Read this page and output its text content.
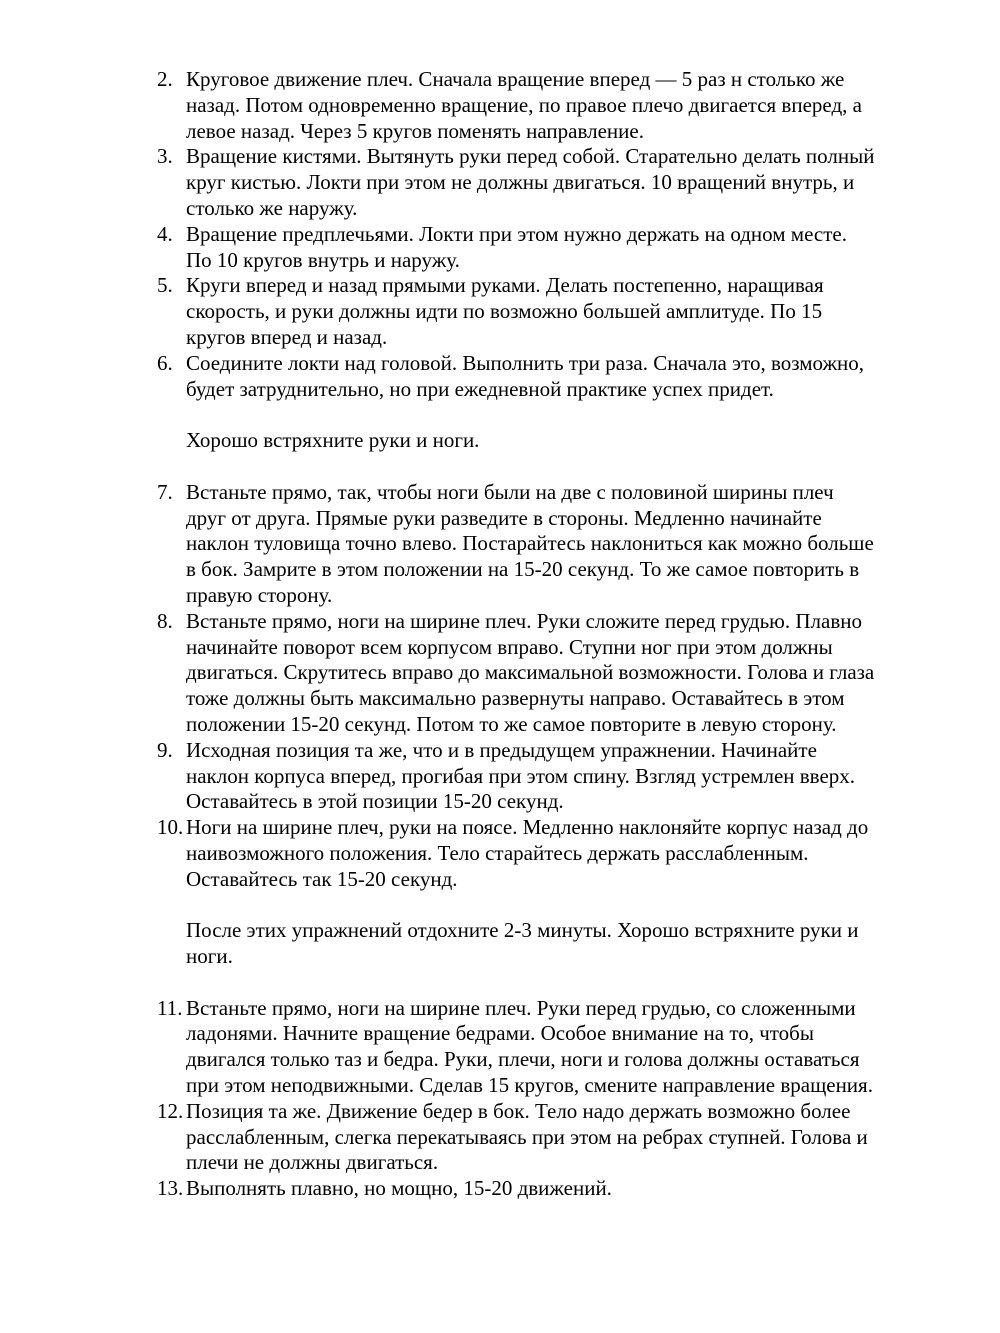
2. Круговое движение плеч. Сначала вращение вперед — 5 раз н столько же назад. Потом одновременно вращение, по правое плечо двигается вперед, а левое назад. Через 5 кругов поменять направление.
3. Вращение кистями. Вытянуть руки перед собой. Старательно делать полный круг кистью. Локти при этом не должны двигаться. 10 вращений внутрь, и столько же наружу.
4. Вращение предплечьями. Локти при этом нужно держать на одном месте. По 10 кругов внутрь и наружу.
5. Круги вперед и назад прямыми руками. Делать постепенно, наращивая скорость, и руки должны идти по возможно большей амплитуде. По 15 кругов вперед и назад.
6. Соедините локти над головой. Выполнить три раза. Сначала это, возможно, будет затруднительно, но при ежедневной практике успех придет.

Хорошо встряхните руки и ноги.

7. Встаньте прямо, так, чтобы ноги были на две с половиной ширины плеч друг от друга. Прямые руки разведите в стороны. Медленно начинайте наклон туловища точно влево. Постарайтесь наклониться как можно больше в бок. Замрите в этом положении на 15-20 секунд. То же самое повторить в правую сторону.
8. Встаньте прямо, ноги на ширине плеч. Руки сложите перед грудью. Плавно начинайте поворот всем корпусом вправо. Ступни ног при этом должны двигаться. Скрутитесь вправо до максимальной возможности. Голова и глаза тоже должны быть максимально развернуты направо. Оставайтесь в этом положении 15-20 секунд. Потом то же самое повторите в левую сторону.
9. Исходная позиция та же, что и в предыдущем упражнении. Начинайте наклон корпуса вперед, прогибая при этом спину. Взгляд устремлен вверх. Оставайтесь в этой позиции 15-20 секунд.
10. Ноги на ширине плеч, руки на поясе. Медленно наклоняйте корпус назад до наивозможного положения. Тело старайтесь держать расслабленным. Оставайтесь так 15-20 секунд.

После этих упражнений отдохните 2-3 минуты. Хорошо встряхните руки и ноги.

11. Встаньте прямо, ноги на ширине плеч. Руки перед грудью, со сложенными ладонями. Начните вращение бедрами. Особое внимание на то, чтобы двигался только таз и бедра. Руки, плечи, ноги и голова должны оставаться при этом неподвижными. Сделав 15 кругов, смените направление вращения.
12. Позиция та же. Движение бедер в бок. Тело надо держать возможно более расслабленным, слегка перекатываясь при этом на ребрах ступней. Голова и плечи не должны двигаться.
13. Выполнять плавно, но мощно, 15-20 движений.
